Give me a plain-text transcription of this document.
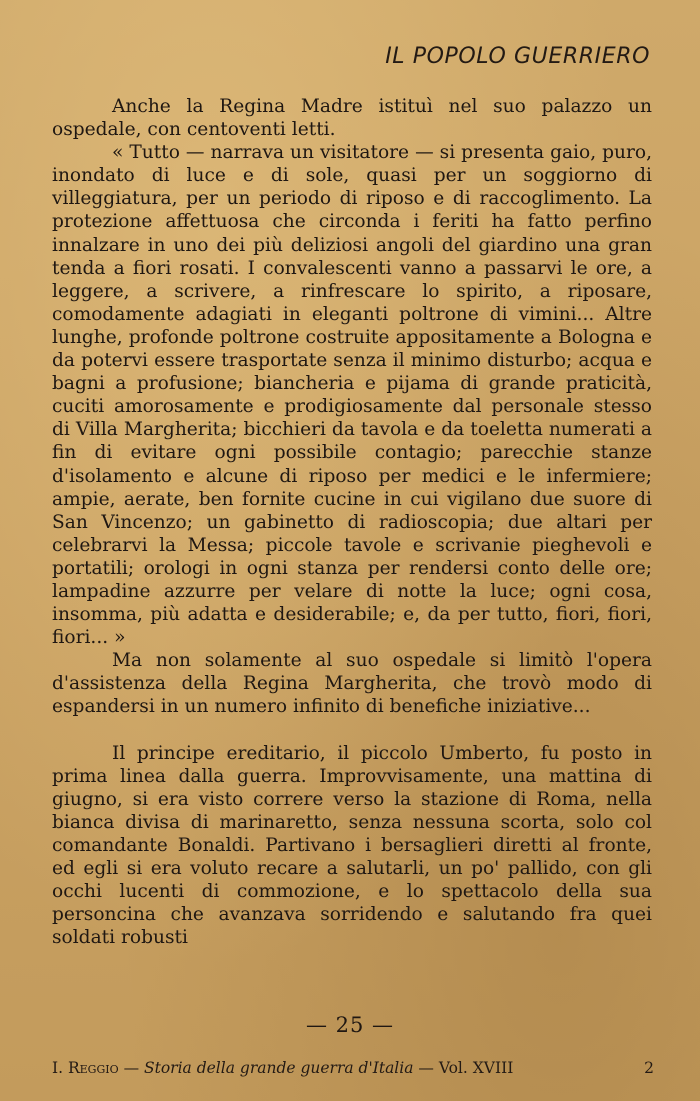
IL POPOLO GUERRIERO

Anche la Regina Madre istituì nel suo palazzo un ospedale, con centoventi letti.

« Tutto — narrava un visitatore — si presenta gaio, puro, inondato di luce e di sole, quasi per un soggiorno di villeggiatura, per un periodo di riposo e di raccoglimento. La protezione affettuosa che circonda i feriti ha fatto perfino innalzare in uno dei più deliziosi angoli del giardino una gran tenda a fiori rosati. I convalescenti vanno a passarvi le ore, a leggere, a scrivere, a rinfrescare lo spirito, a riposare, comodamente adagiati in eleganti poltrone di vimini... Altre lunghe, profonde poltrone costruite appositamente a Bologna e da potervi essere trasportate senza il minimo disturbo; acqua e bagni a profusione; biancheria e pijama di grande praticità, cuciti amorosamente e prodigiosamente dal personale stesso di Villa Margherita; bicchieri da tavola e da toeletta numerati a fin di evitare ogni possibile contagio; parecchie stanze d'isolamento e alcune di riposo per medici e le infermiere; ampie, aerate, ben fornite cucine in cui vigilano due suore di San Vincenzo; un gabinetto di radioscopia; due altari per celebrarvi la Messa; piccole tavole e scrivanie pieghevoli e portatili; orologi in ogni stanza per rendersi conto delle ore; lampadine azzurre per velare di notte la luce; ogni cosa, insomma, più adatta e desiderabile; e, da per tutto, fiori, fiori, fiori... »

Ma non solamente al suo ospedale si limitò l'opera d'assistenza della Regina Margherita, che trovò modo di espandersi in un numero infinito di benefiche iniziative...

Il principe ereditario, il piccolo Umberto, fu posto in prima linea dalla guerra. Improvvisamente, una mattina di giugno, si era visto correre verso la stazione di Roma, nella bianca divisa di marinaretto, senza nessuna scorta, solo col comandante Bonaldi. Partivano i bersaglieri diretti al fronte, ed egli si era voluto recare a salutarli, un po' pallido, con gli occhi lucenti di commozione, e lo spettacolo della sua personcina che avanzava sorridendo e salutando fra quei soldati robusti

— 25 —
I. Reggio — Storia della grande guerra d'Italia — Vol. XVIII	2
